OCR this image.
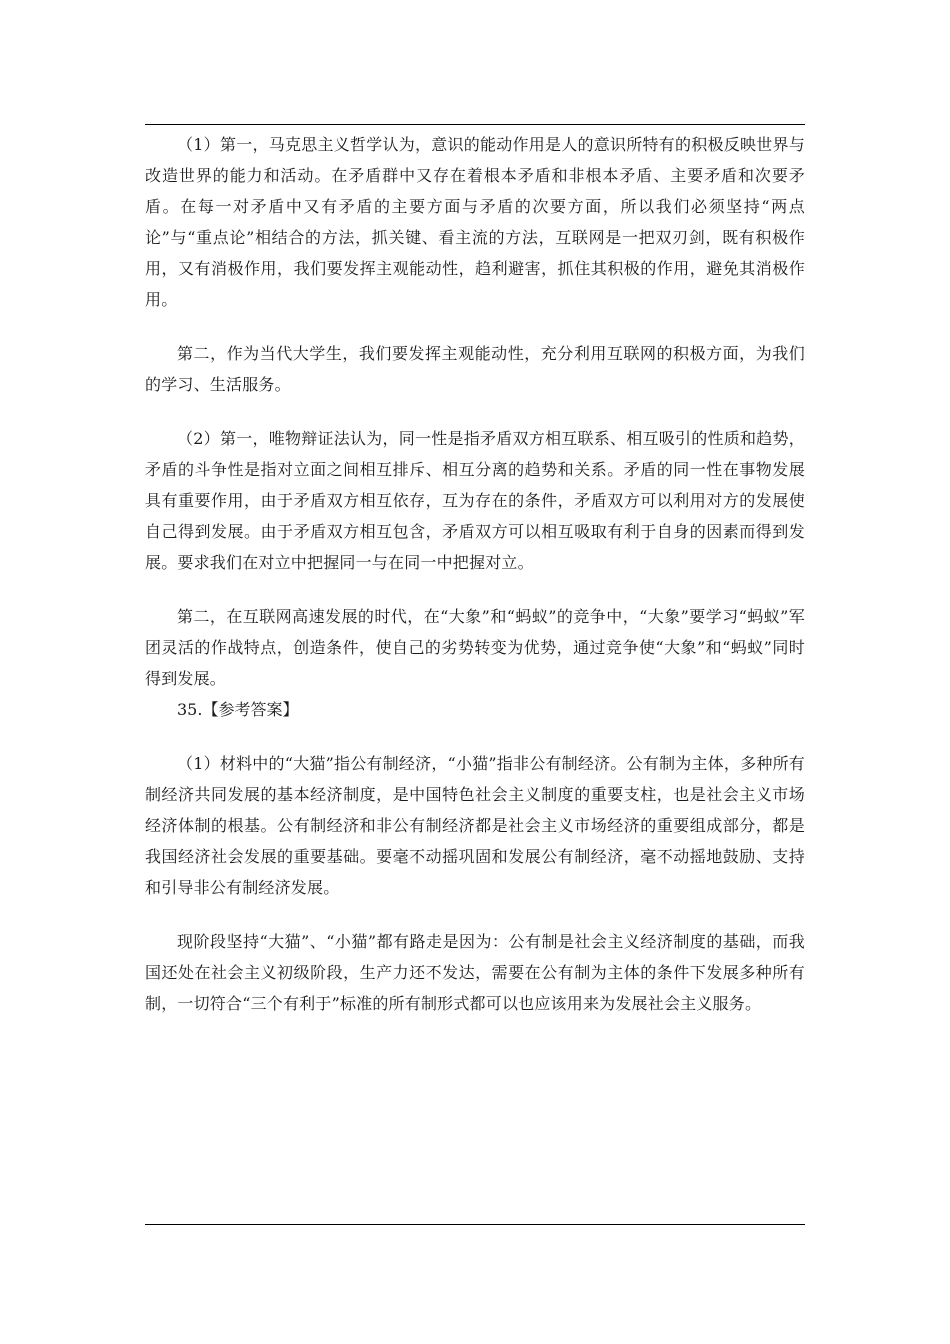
（1）第一，马克思主义哲学认为，意识的能动作用是人的意识所特有的积极反映世界与改造世界的能力和活动。在矛盾群中又存在着根本矛盾和非根本矛盾、主要矛盾和次要矛盾。在每一对矛盾中又有矛盾的主要方面与矛盾的次要方面，所以我们必须坚持“两点论”与“重点论”相结合的方法，抓关键、看主流的方法，互联网是一把双刃剑，既有积极作用，又有消极作用，我们要发挥主观能动性，趋利避害，抓住其积极的作用，避免其消极作用。

第二，作为当代大学生，我们要发挥主观能动性，充分利用互联网的积极方面，为我们的学习、生活服务。

（2）第一，唯物辩证法认为，同一性是指矛盾双方相互联系、相互吸引的性质和趋势，矛盾的斗争性是指对立面之间相互排斥、相互分离的趋势和关系。矛盾的同一性在事物发展具有重要作用，由于矛盾双方相互依存，互为存在的条件，矛盾双方可以利用对方的发展使自己得到发展。由于矛盾双方相互包含，矛盾双方可以相互吸取有利于自身的因素而得到发展。要求我们在对立中把握同一与在同一中把握对立。

第二，在互联网高速发展的时代，在“大象”和“蚂蚁”的竞争中，“大象”要学习“蚂蚁”军团灵活的作战特点，创造条件，使自己的劣势转变为优势，通过竞争使“大象”和“蚂蚁”同时得到发展。

35.【参考答案】

（1）材料中的“大猫”指公有制经济，“小猫”指非公有制经济。公有制为主体，多种所有制经济共同发展的基本经济制度，是中国特色社会主义制度的重要支柱，也是社会主义市场经济体制的根基。公有制经济和非公有制经济都是社会主义市场经济的重要组成部分，都是我国经济社会发展的重要基础。要毫不动摇巩固和发展公有制经济，毫不动摇地鼓励、支持和引导非公有制经济发展。

现阶段坚持“大猫”、“小猫”都有路走是因为：公有制是社会主义经济制度的基础，而我国还处在社会主义初级阶段，生产力还不发达，需要在公有制为主体的条件下发展多种所有制，一切符合“三个有利于”标准的所有制形式都可以也应该用来为发展社会主义服务。
